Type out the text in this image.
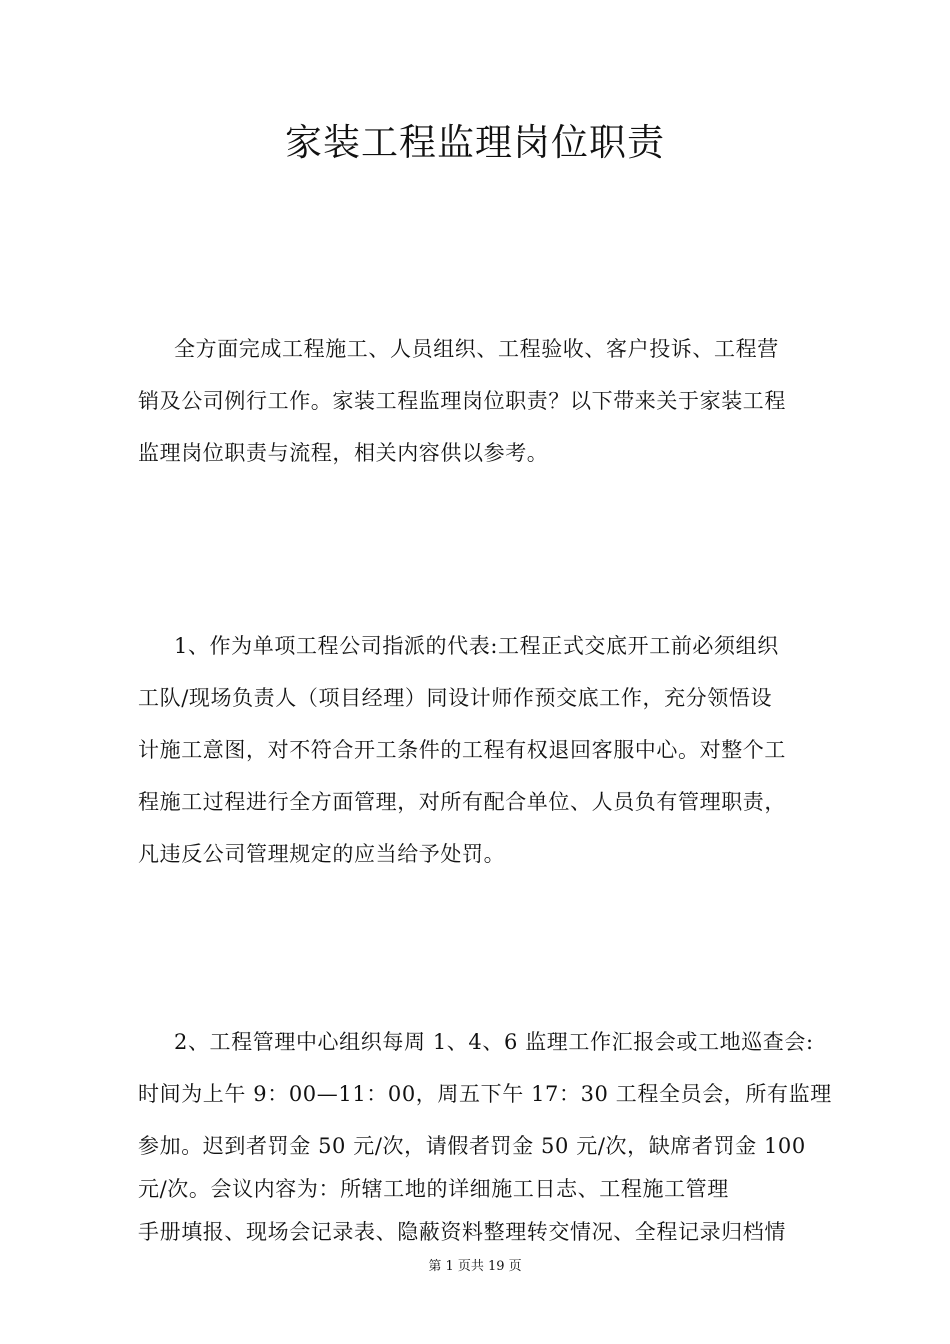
家装工程监理岗位职责
全方面完成工程施工、人员组织、工程验收、客户投诉、工程营
销及公司例行工作。家装工程监理岗位职责？以下带来关于家装工程
监理岗位职责与流程，相关内容供以参考。
1、作为单项工程公司指派的代表:工程正式交底开工前必须组织
工队/现场负责人（项目经理）同设计师作预交底工作，充分领悟设
计施工意图，对不符合开工条件的工程有权退回客服中心。对整个工
程施工过程进行全方面管理，对所有配合单位、人员负有管理职责，
凡违反公司管理规定的应当给予处罚。
2、工程管理中心组织每周 1、4、6 监理工作汇报会或工地巡查会:
时间为上午 9：00—11：00，周五下午 17：30 工程全员会，所有监理
参加。迟到者罚金 50 元/次，请假者罚金 50 元/次，缺席者罚金 100
元/次。会议内容为：所辖工地的详细施工日志、工程施工管理
手册填报、现场会记录表、隐蔽资料整理转交情况、全程记录归档情
第 1 页共 19 页
